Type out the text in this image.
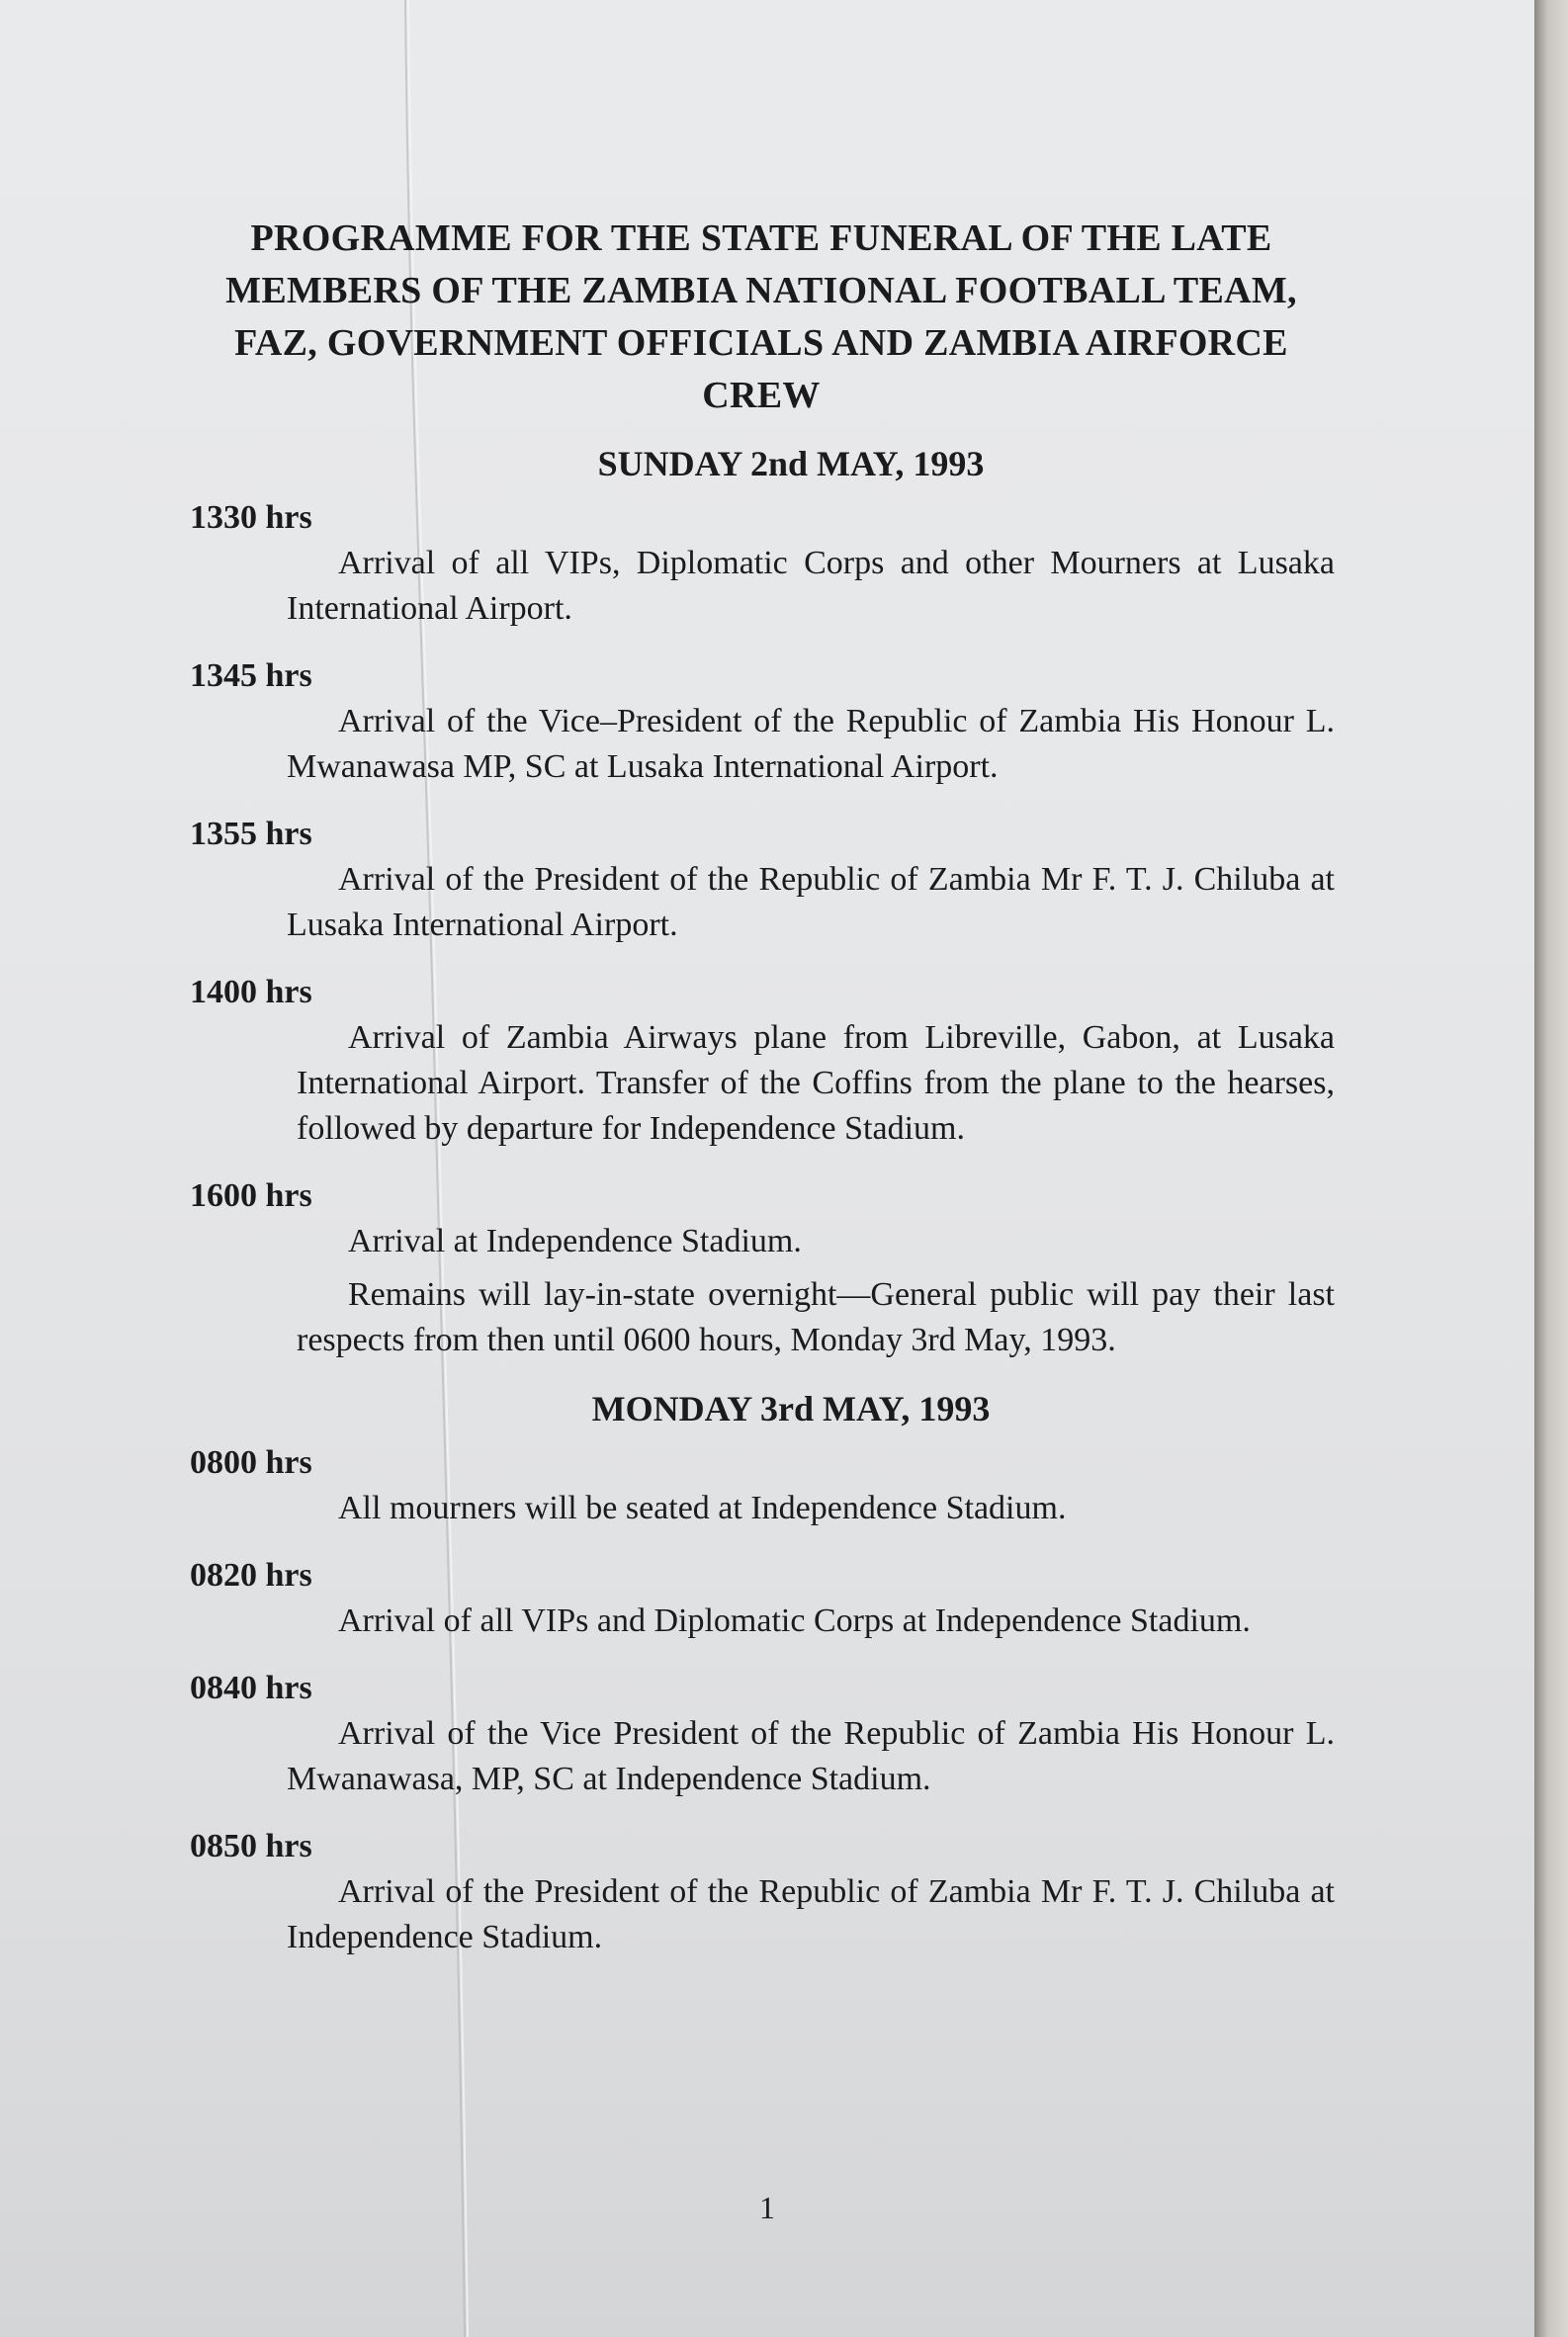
PROGRAMME FOR THE STATE FUNERAL OF THE LATE
MEMBERS OF THE ZAMBIA NATIONAL FOOTBALL TEAM,
FAZ, GOVERNMENT OFFICIALS AND ZAMBIA AIRFORCE
CREW
SUNDAY 2nd MAY, 1993
1330 hrs
Arrival of all VIPs, Diplomatic Corps and other Mourners at Lusaka International Airport.
1345 hrs
Arrival of the Vice–President of the Republic of Zambia His Honour L. Mwanawasa MP, SC at Lusaka International Airport.
1355 hrs
Arrival of the President of the Republic of Zambia Mr F. T. J. Chiluba at Lusaka International Airport.
1400 hrs
Arrival of Zambia Airways plane from Libreville, Gabon, at Lusaka International Airport. Transfer of the Coffins from the plane to the hearses, followed by departure for Independence Stadium.
1600 hrs
Arrival at Independence Stadium.
Remains will lay-in-state overnight—General public will pay their last respects from then until 0600 hours, Monday 3rd May, 1993.
MONDAY 3rd MAY, 1993
0800 hrs
All mourners will be seated at Independence Stadium.
0820 hrs
Arrival of all VIPs and Diplomatic Corps at Independence Stadium.
0840 hrs
Arrival of the Vice President of the Republic of Zambia His Honour L. Mwanawasa, MP, SC at Independence Stadium.
0850 hrs
Arrival of the President of the Republic of Zambia Mr F. T. J. Chiluba at Independence Stadium.
1
